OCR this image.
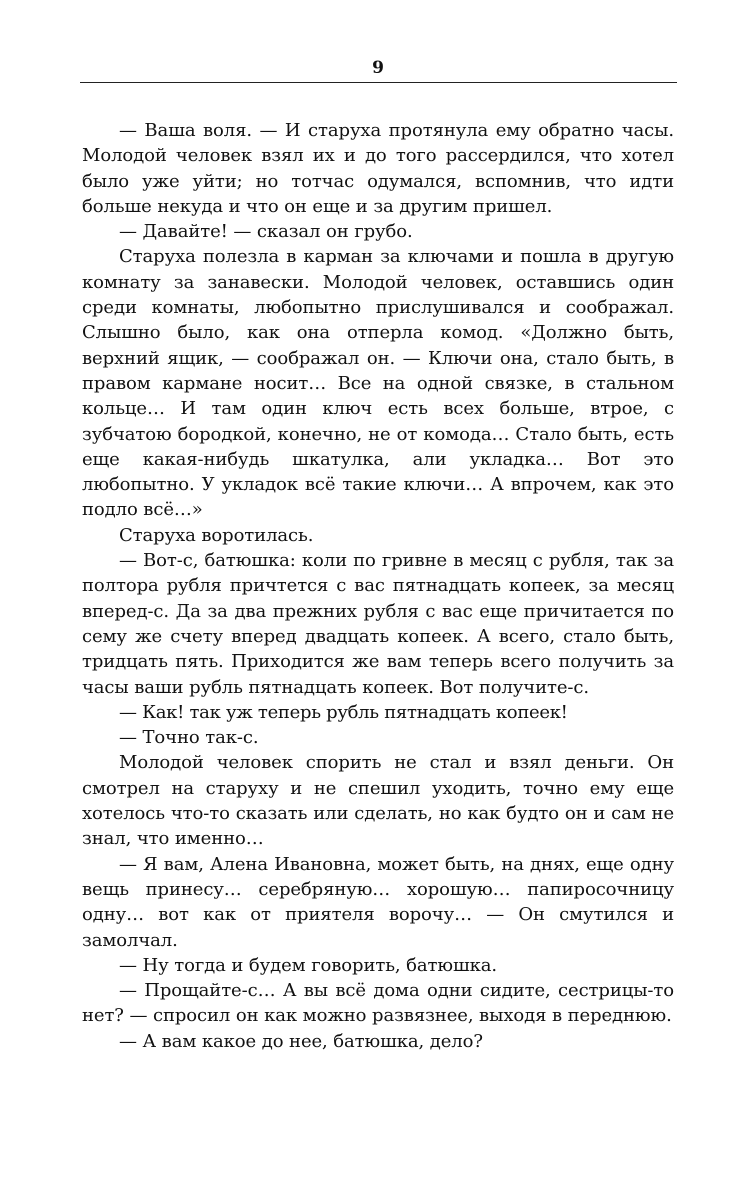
9

— Ваша воля. — И старуха протянула ему обратно часы. Молодой человек взял их и до того рассердился, что хотел было уже уйти; но тотчас одумался, вспомнив, что идти больше некуда и что он еще и за другим пришел.

— Давайте! — сказал он грубо.

Старуха полезла в карман за ключами и пошла в другую комнату за занавески. Молодой человек, оставшись один среди комнаты, любопытно прислушивался и соображал. Слышно было, как она отперла комод. «Должно быть, верхний ящик, — соображал он. — Ключи она, стало быть, в правом кармане носит… Все на одной связке, в стальном кольце… И там один ключ есть всех больше, втрое, с зубчатою бородкой, конечно, не от комода… Стало быть, есть еще какая-нибудь шкатулка, али укладка… Вот это любопытно. У укладок всё такие ключи… А впрочем, как это подло всё…»

Старуха воротилась.

— Вот-с, батюшка: коли по гривне в месяц с рубля, так за полтора рубля причтется с вас пятнадцать копеек, за месяц вперед-с. Да за два прежних рубля с вас еще причитается по сему же счету вперед двадцать копеек. А всего, стало быть, тридцать пять. Приходится же вам теперь всего получить за часы ваши рубль пятнадцать копеек. Вот получите-с.

— Как! так уж теперь рубль пятнадцать копеек!

— Точно так-с.

Молодой человек спорить не стал и взял деньги. Он смотрел на старуху и не спешил уходить, точно ему еще хотелось что-то сказать или сделать, но как будто он и сам не знал, что именно…

— Я вам, Алена Ивановна, может быть, на днях, еще одну вещь принесу… серебряную… хорошую… папиросочницу одну… вот как от приятеля ворочу… — Он смутился и замолчал.

— Ну тогда и будем говорить, батюшка.

— Прощайте-с… А вы всё дома одни сидите, сестрицы-то нет? — спросил он как можно развязнее, выходя в переднюю.

— А вам какое до нее, батюшка, дело?
